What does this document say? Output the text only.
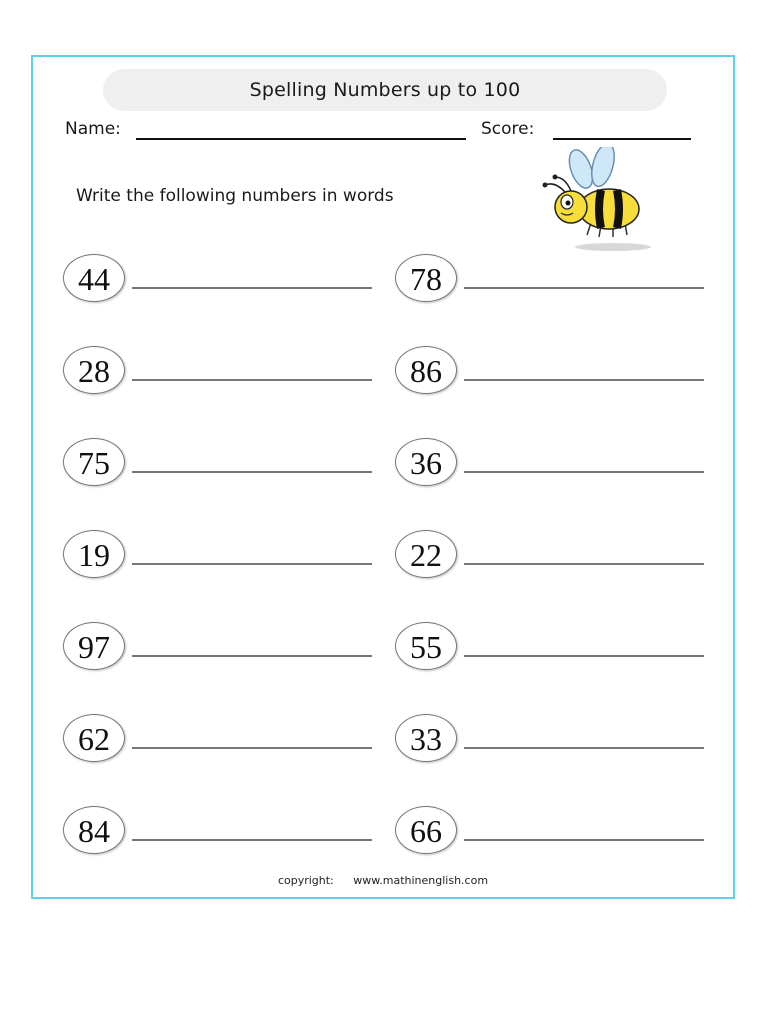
Spelling Numbers up to 100
Name:	Score:
Write the following numbers in words
44
28
75
19
97
62
84
78
86
36
22
55
33
66
copyright: www.mathinenglish.com
